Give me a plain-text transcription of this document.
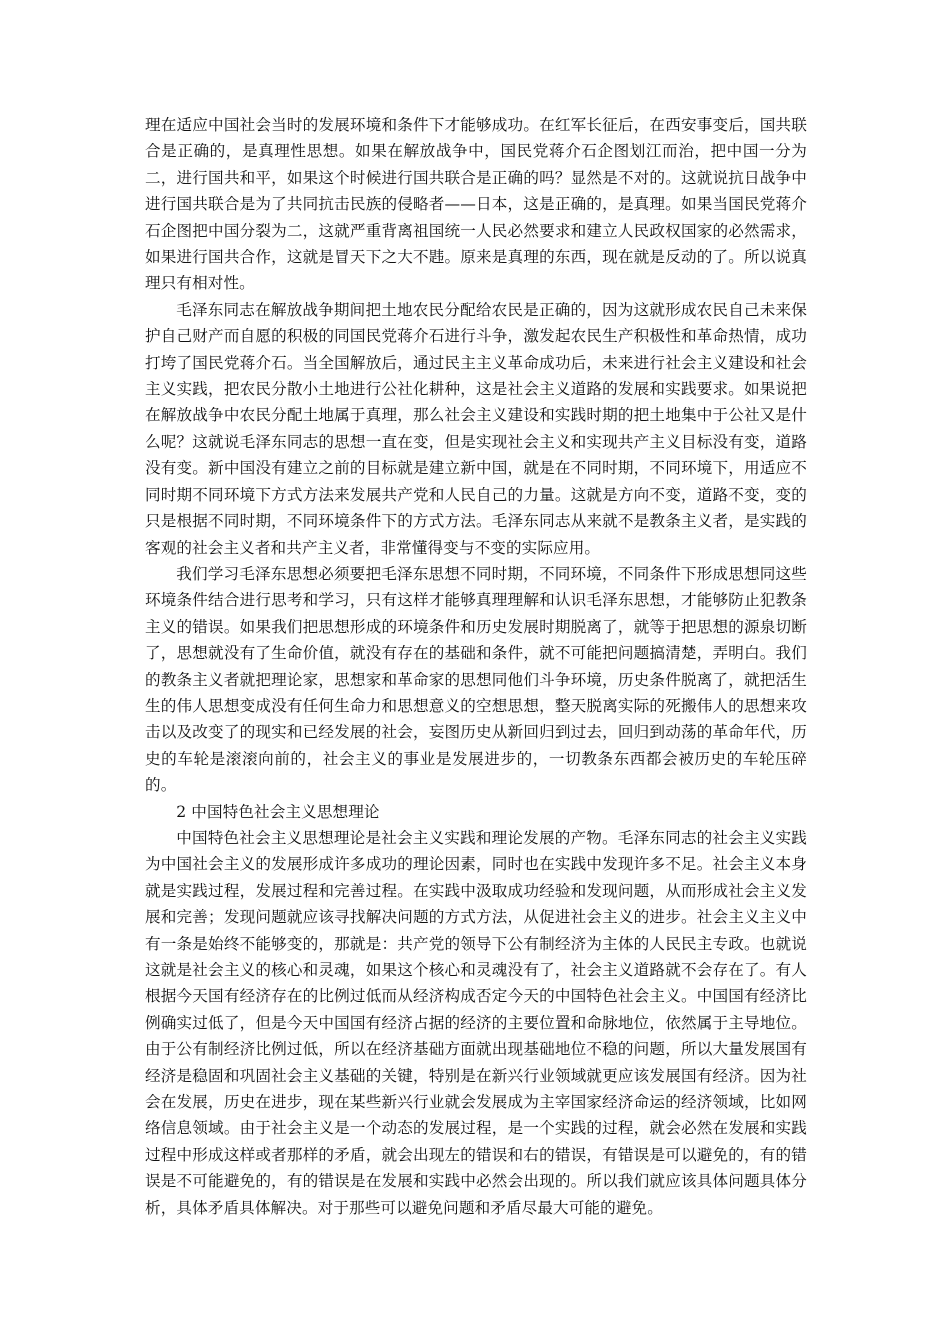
理在适应中国社会当时的发展环境和条件下才能够成功。在红军长征后，在西安事变后，国共联合是正确的，是真理性思想。如果在解放战争中，国民党蒋介石企图划江而治，把中国一分为二，进行国共和平，如果这个时候进行国共联合是正确的吗？显然是不对的。这就说抗日战争中进行国共联合是为了共同抗击民族的侵略者——日本，这是正确的，是真理。如果当国民党蒋介石企图把中国分裂为二，这就严重背离祖国统一人民必然要求和建立人民政权国家的必然需求，如果进行国共合作，这就是冒天下之大不韪。原来是真理的东西，现在就是反动的了。所以说真理只有相对性。

毛泽东同志在解放战争期间把土地农民分配给农民是正确的，因为这就形成农民自己未来保护自己财产而自愿的积极的同国民党蒋介石进行斗争，激发起农民生产积极性和革命热情，成功打垮了国民党蒋介石。当全国解放后，通过民主主义革命成功后，未来进行社会主义建设和社会主义实践，把农民分散小土地进行公社化耕种，这是社会主义道路的发展和实践要求。如果说把在解放战争中农民分配土地属于真理，那么社会主义建设和实践时期的把土地集中于公社又是什么呢？这就说毛泽东同志的思想一直在变，但是实现社会主义和实现共产主义目标没有变，道路没有变。新中国没有建立之前的目标就是建立新中国，就是在不同时期，不同环境下，用适应不同时期不同环境下方式方法来发展共产党和人民自己的力量。这就是方向不变，道路不变，变的只是根据不同时期，不同环境条件下的方式方法。毛泽东同志从来就不是教条主义者，是实践的客观的社会主义者和共产主义者，非常懂得变与不变的实际应用。

我们学习毛泽东思想必须要把毛泽东思想不同时期，不同环境，不同条件下形成思想同这些环境条件结合进行思考和学习，只有这样才能够真理理解和认识毛泽东思想，才能够防止犯教条主义的错误。如果我们把思想形成的环境条件和历史发展时期脱离了，就等于把思想的源泉切断了，思想就没有了生命价值，就没有存在的基础和条件，就不可能把问题搞清楚，弄明白。我们的教条主义者就把理论家，思想家和革命家的思想同他们斗争环境，历史条件脱离了，就把活生生的伟人思想变成没有任何生命力和思想意义的空想思想，整天脱离实际的死搬伟人的思想来攻击以及改变了的现实和已经发展的社会，妄图历史从新回归到过去，回归到动荡的革命年代，历史的车轮是滚滚向前的，社会主义的事业是发展进步的，一切教条东西都会被历史的车轮压碎的。

2 中国特色社会主义思想理论

中国特色社会主义思想理论是社会主义实践和理论发展的产物。毛泽东同志的社会主义实践为中国社会主义的发展形成许多成功的理论因素，同时也在实践中发现许多不足。社会主义本身就是实践过程，发展过程和完善过程。在实践中汲取成功经验和发现问题，从而形成社会主义发展和完善；发现问题就应该寻找解决问题的方式方法，从促进社会主义的进步。社会主义主义中有一条是始终不能够变的，那就是：共产党的领导下公有制经济为主体的人民民主专政。也就说这就是社会主义的核心和灵魂，如果这个核心和灵魂没有了，社会主义道路就不会存在了。有人根据今天国有经济存在的比例过低而从经济构成否定今天的中国特色社会主义。中国国有经济比例确实过低了，但是今天中国国有经济占据的经济的主要位置和命脉地位，依然属于主导地位。由于公有制经济比例过低，所以在经济基础方面就出现基础地位不稳的问题，所以大量发展国有经济是稳固和巩固社会主义基础的关键，特别是在新兴行业领域就更应该发展国有经济。因为社会在发展，历史在进步，现在某些新兴行业就会发展成为主宰国家经济命运的经济领域，比如网络信息领域。由于社会主义是一个动态的发展过程，是一个实践的过程，就会必然在发展和实践过程中形成这样或者那样的矛盾，就会出现左的错误和右的错误，有错误是可以避免的，有的错误是不可能避免的，有的错误是在发展和实践中必然会出现的。所以我们就应该具体问题具体分析，具体矛盾具体解决。对于那些可以避免问题和矛盾尽最大可能的避免。
